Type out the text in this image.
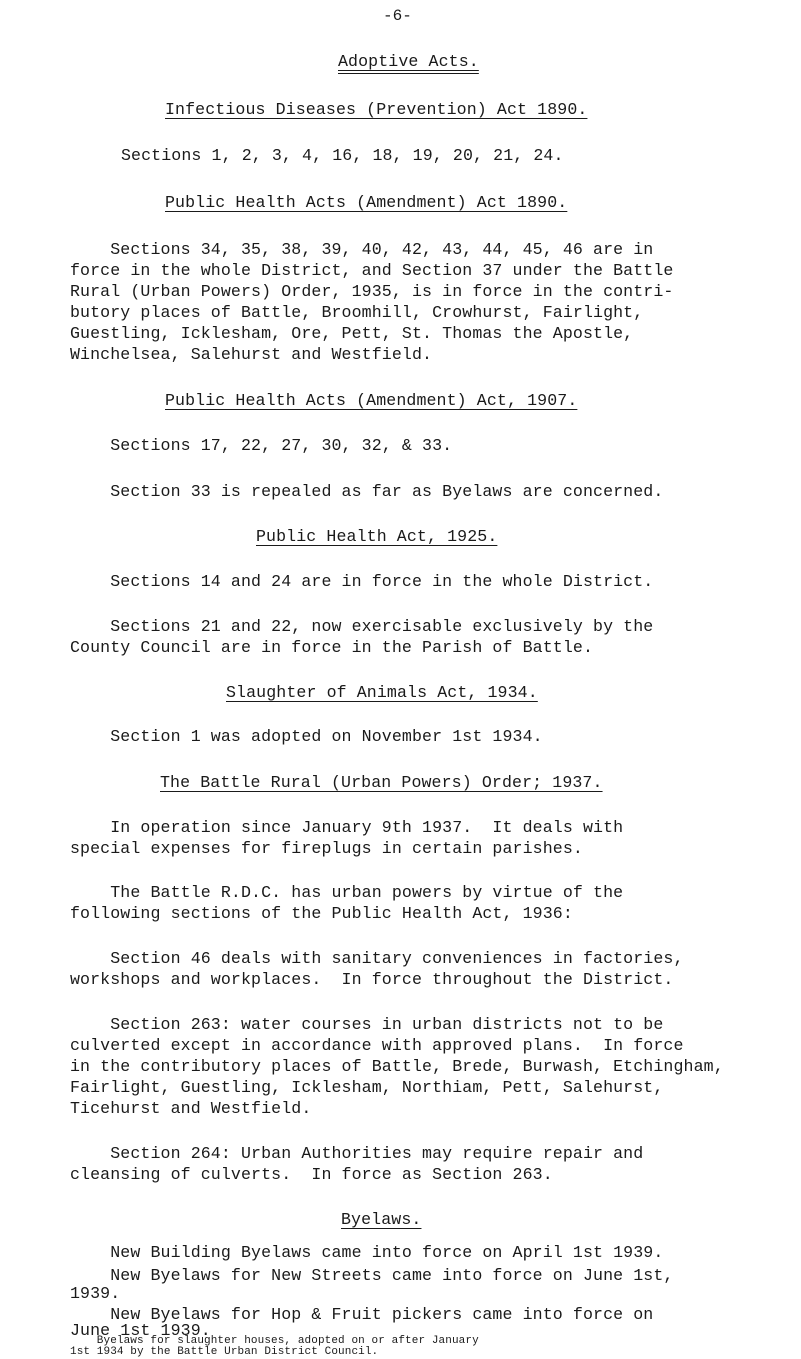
-6-
Adoptive Acts.
Infectious Diseases (Prevention) Act 1890.
Sections 1, 2, 3, 4, 16, 18, 19, 20, 21, 24.
Public Health Acts (Amendment) Act 1890.
Sections 34, 35, 38, 39, 40, 42, 43, 44, 45, 46 are in
force in the whole District, and Section 37 under the Battle
Rural (Urban Powers) Order, 1935, is in force in the contri-
butory places of Battle, Broomhill, Crowhurst, Fairlight,
Guestling, Icklesham, Ore, Pett, St. Thomas the Apostle,
Winchelsea, Salehurst and Westfield.
Public Health Acts (Amendment) Act, 1907.
Sections 17, 22, 27, 30, 32, & 33.
Section 33 is repealed as far as Byelaws are concerned.
Public Health Act, 1925.
Sections 14 and 24 are in force in the whole District.
Sections 21 and 22, now exercisable exclusively by the
County Council are in force in the Parish of Battle.
Slaughter of Animals Act, 1934.
Section 1 was adopted on November 1st 1934.
The Battle Rural (Urban Powers) Order; 1937.
In operation since January 9th 1937.  It deals with
special expenses for fireplugs in certain parishes.
The Battle R.D.C. has urban powers by virtue of the
following sections of the Public Health Act, 1936:
Section 46 deals with sanitary conveniences in factories,
workshops and workplaces.  In force throughout the District.
Section 263: water courses in urban districts not to be
culverted except in accordance with approved plans.  In force
in the contributory places of Battle, Brede, Burwash, Etchingham,
Fairlight, Guestling, Icklesham, Northiam, Pett, Salehurst,
Ticehurst and Westfield.
Section 264: Urban Authorities may require repair and
cleansing of culverts.  In force as Section 263.
Byelaws.
New Building Byelaws came into force on April 1st 1939.
New Byelaws for New Streets came into force on June 1st,
1939.
New Byelaws for Hop & Fruit pickers came into force on
June 1st 1939.
Byelaws for slaughter houses, adopted on or after January
1st 1934 by the Battle Urban District Council.
